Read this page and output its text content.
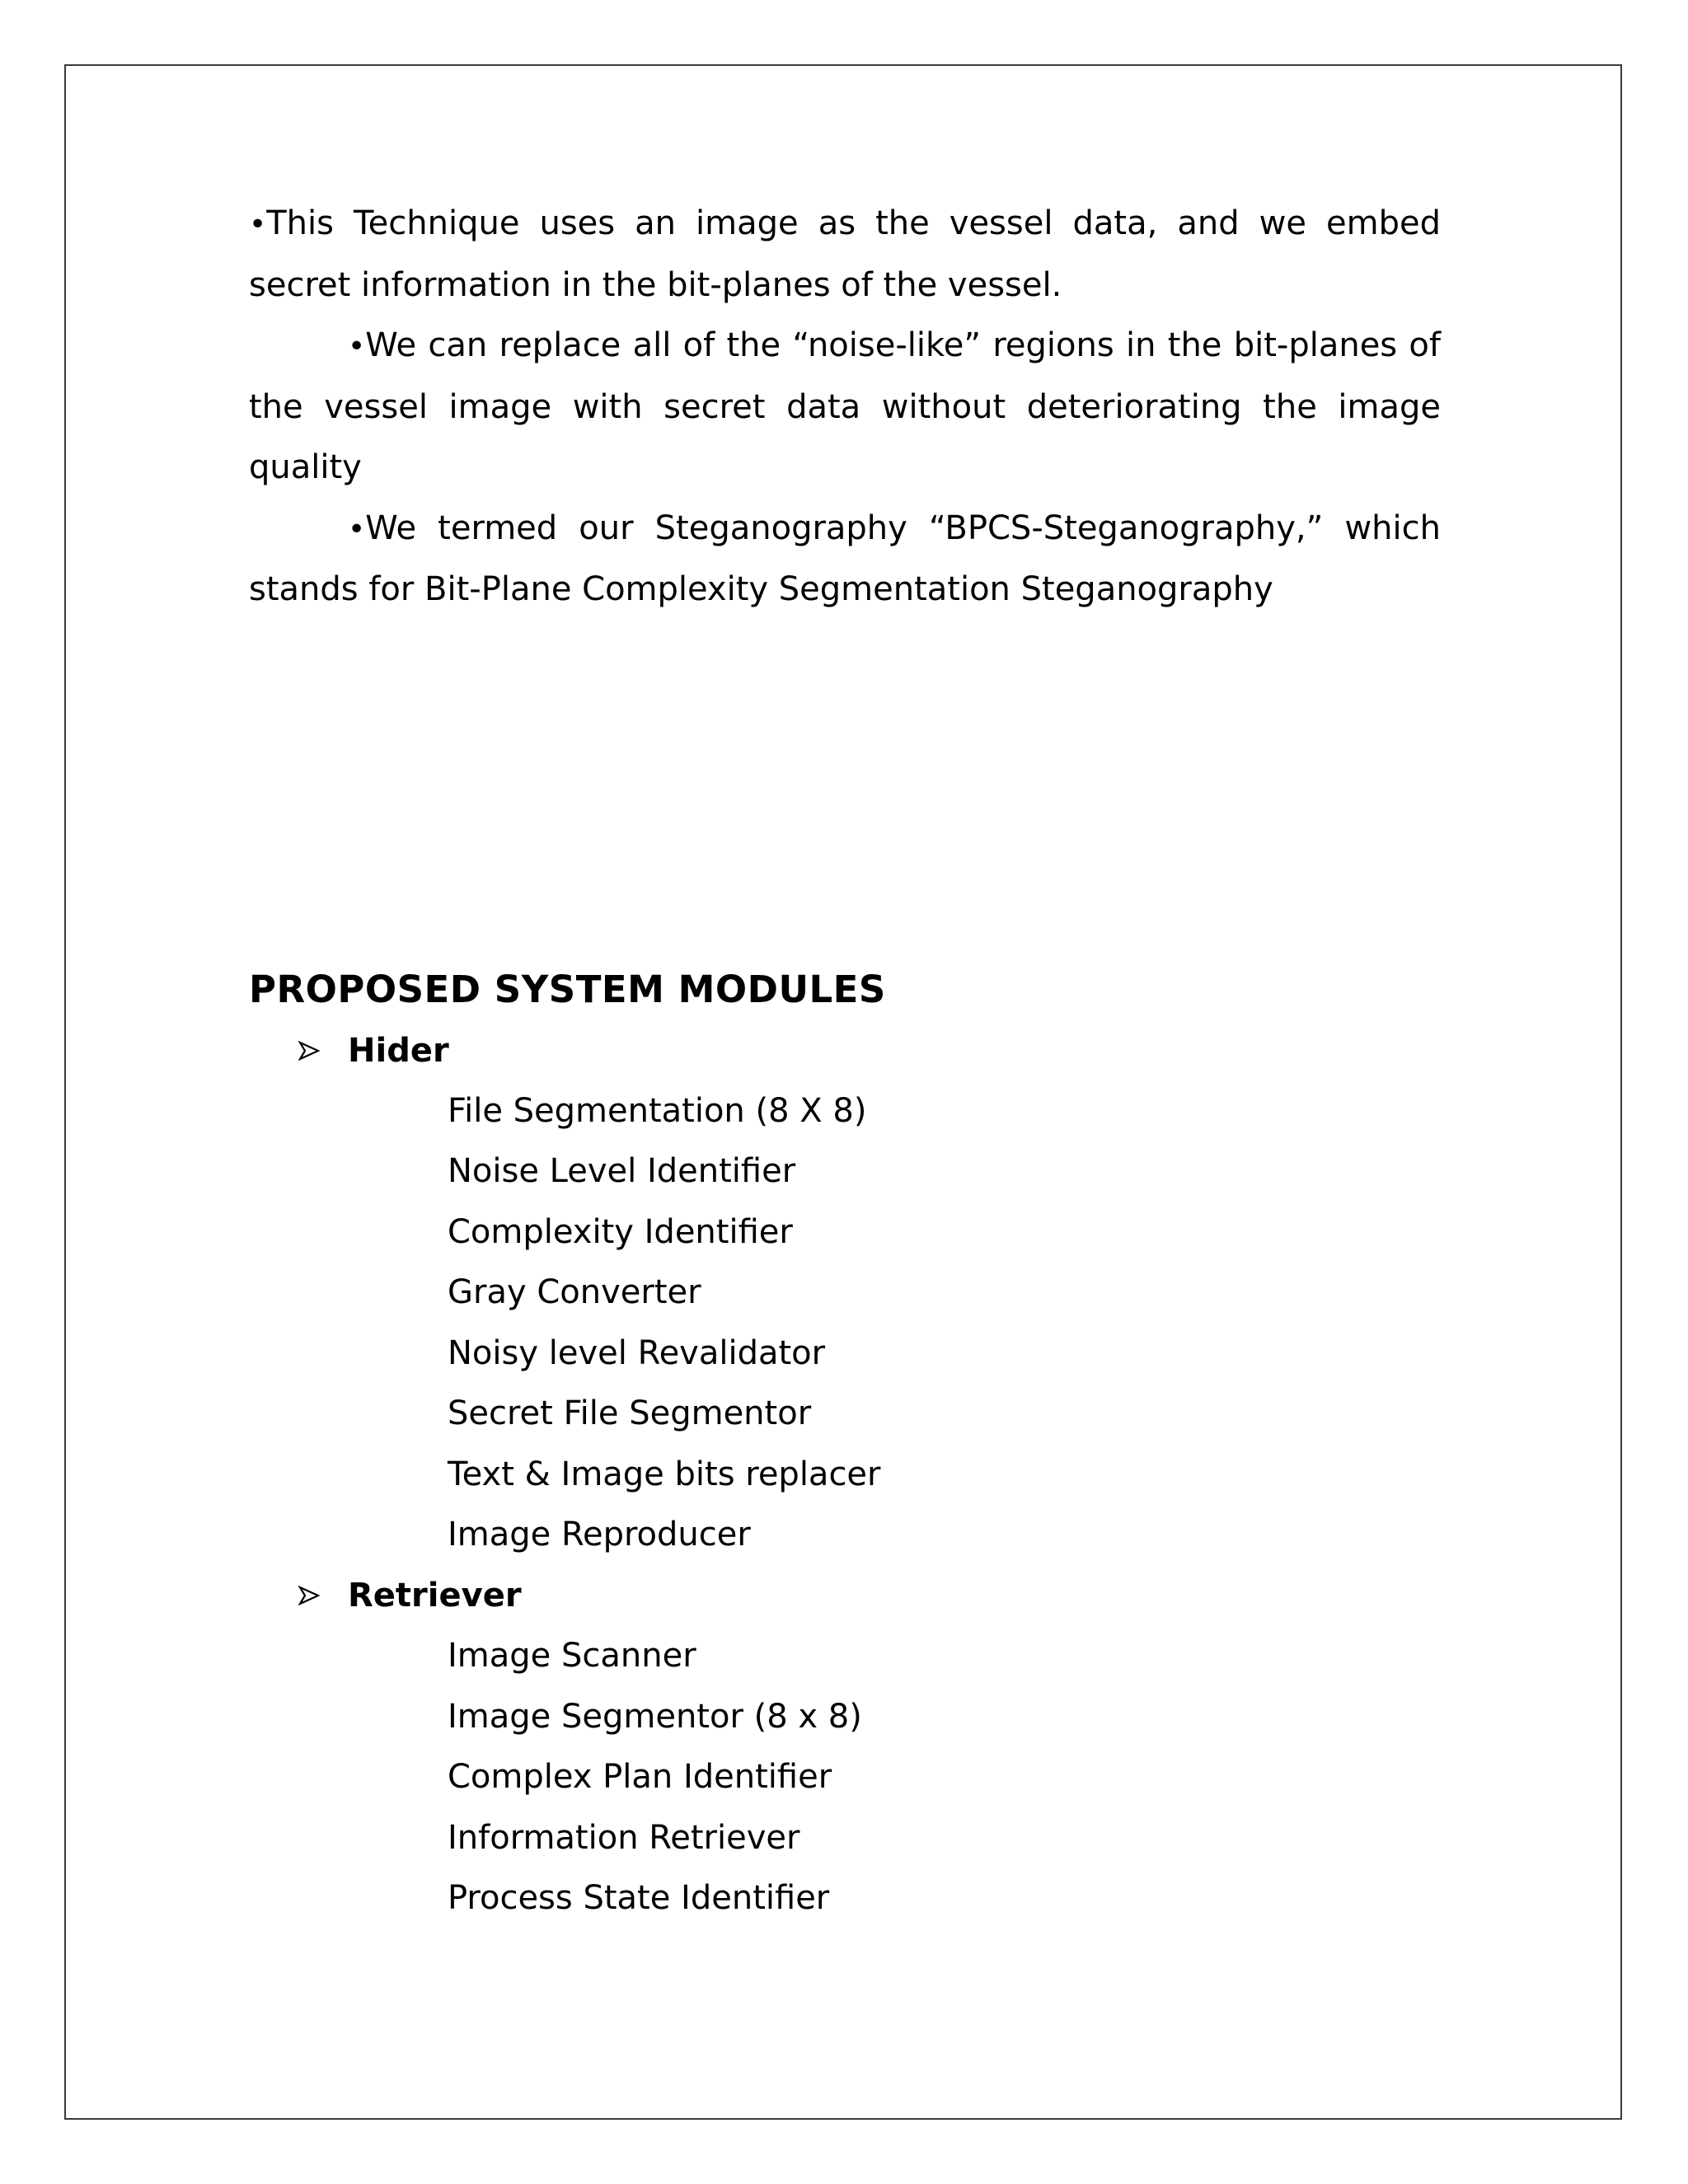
•This Technique uses an image as the vessel data, and we embed secret information in the bit-planes of the vessel.

•We can replace all of the “noise-like” regions in the bit-planes of the vessel image with secret data without deteriorating the image quality

•We termed our Steganography “BPCS-Steganography,” which stands for Bit-Plane Complexity Segmentation Steganography

PROPOSED SYSTEM MODULES
Hider
File Segmentation (8 X 8)
Noise Level Identifier
Complexity Identifier
Gray Converter
Noisy level Revalidator
Secret File Segmentor
Text & Image bits replacer
Image Reproducer
Retriever
Image Scanner
Image Segmentor (8 x 8)
Complex Plan Identifier
Information Retriever
Process State Identifier
